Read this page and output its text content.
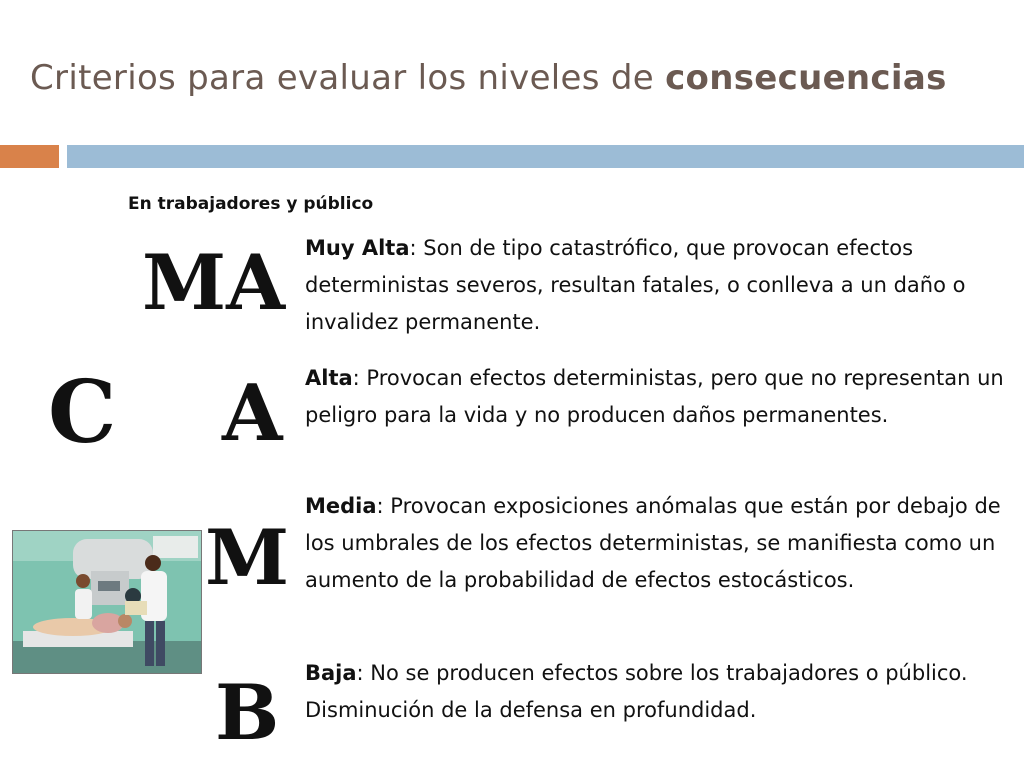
Criterios para evaluar los niveles de consecuencias
En trabajadores y público
MA
C A
M
B
Muy Alta: Son de tipo catastrófico, que provocan efectos deterministas severos, resultan fatales, o conlleva a un daño o invalidez permanente.
Alta: Provocan efectos deterministas, pero que no representan un peligro para la vida y no producen daños permanentes.
Media: Provocan exposiciones anómalas que están por debajo de los umbrales de los efectos deterministas, se manifiesta como un aumento de la probabilidad de efectos estocásticos.
Baja: No se producen efectos sobre los trabajadores o público. Disminución de la defensa en profundidad.
